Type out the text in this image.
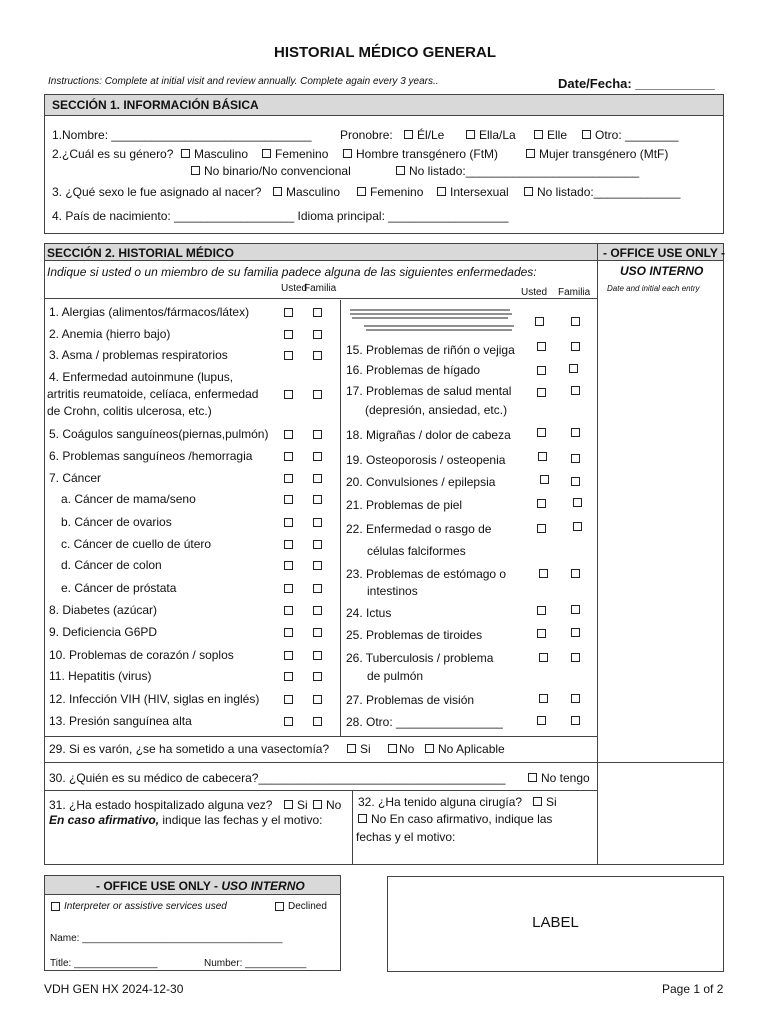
HISTORIAL MÉDICO GENERAL
Instructions: Complete at initial visit and review annually. Complete again every 3 years..	Date/Fecha: ___________
SECCIÓN 1. INFORMACIÓN BÁSICA
1.Nombre: ______________________________ Pronobre: Él/Le	Ella/La	Elle Otro: ________
2.¿Cuál es su género? Masculino Femenino Hombre transgénero (FtM)	Mujer transgénero (MtF)
No binario/No convencional	No listado:__________________________
3. ¿Qué sexo le fue asignado al nacer? Masculino Femenino Intersexual No listado:_____________
4. País de nacimiento: __________________ Idioma principal: __________________
SECCIÓN 2. HISTORIAL MÉDICO	- OFFICE USE ONLY -
USO INTERNO
Date and initial each entry
Indique si usted o un miembro de su familia padece alguna de las siguientes enfermedades:
Usted
Familia	Usted Familia
1. Alergias (alimentos/fármacos/látex)
2. Anemia (hierro bajo)
3. Asma / problemas respiratorios
4. Enfermedad autoinmune (lupus,
artritis reumatoide, celíaca, enfermedad
de Crohn, colitis ulcerosa, etc.)
5. Coágulos sanguíneos(piernas,pulmón)
6. Problemas sanguíneos /hemorragia
7. Cáncer
a. Cáncer de mama/seno
b. Cáncer de ovarios
c. Cáncer de cuello de útero
d. Cáncer de colon
e. Cáncer de próstata
8. Diabetes (azúcar)
9. Deficiencia G6PD
10. Problemas de corazón / soplos
11. Hepatitis (virus)
12. Infección VIH (HIV, siglas en inglés)
13. Presión sanguínea alta
15. Problemas de riñón o vejiga
16. Problemas de hígado
17. Problemas de salud mental
(depresión, ansiedad, etc.)
18. Migrañas / dolor de cabeza
19. Osteoporosis / osteopenia
20. Convulsiones / epilepsia
21. Problemas de piel
22. Enfermedad o rasgo de
células falciformes
23. Problemas de estómago o
intestinos
24. Ictus
25. Problemas de tiroides
26. Tuberculosis / problema
de pulmón
27. Problemas de visión
28. Otro: ________________
29. Si es varón, ¿se ha sometido a una vasectomía?	Si No No Aplicable
30. ¿Quién es su médico de cabecera?_____________________________________	No tengo
31. ¿Ha estado hospitalizado alguna vez? Si No
En caso afirmativo, indique las fechas y el motivo:
32. ¿Ha tenido alguna cirugía? Si
No En caso afirmativo, indique las
fechas y el motivo:
- OFFICE USE ONLY - USO INTERNO
Interpreter or assistive services used	Declined
Name: ____________________________________
Title: _______________	Number: ___________
LABEL
VDH GEN HX 2024-12-30	Page 1 of 2
